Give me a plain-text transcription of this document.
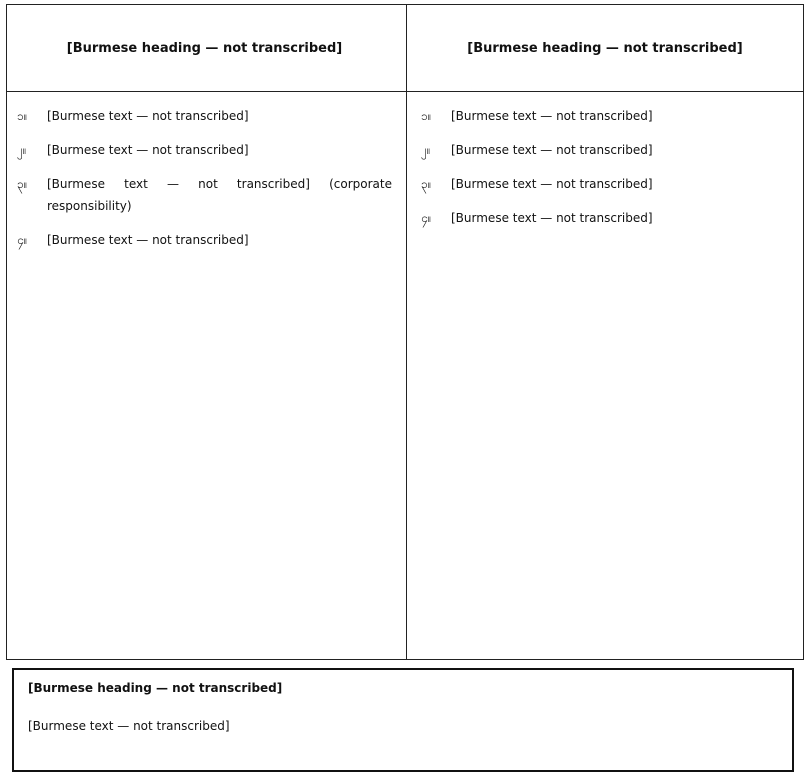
[Burmese heading — not transcribed]
၁။	[Burmese text — not transcribed]
၂။	[Burmese text — not transcribed]
၃။	[Burmese text — not transcribed] (corporate responsibility)
၄။	[Burmese text — not transcribed]
[Burmese heading — not transcribed]
၁။	[Burmese text — not transcribed]
၂။	[Burmese text — not transcribed]
၃။	[Burmese text — not transcribed]
၄။	[Burmese text — not transcribed]

[Burmese heading — not transcribed]

[Burmese text — not transcribed]
